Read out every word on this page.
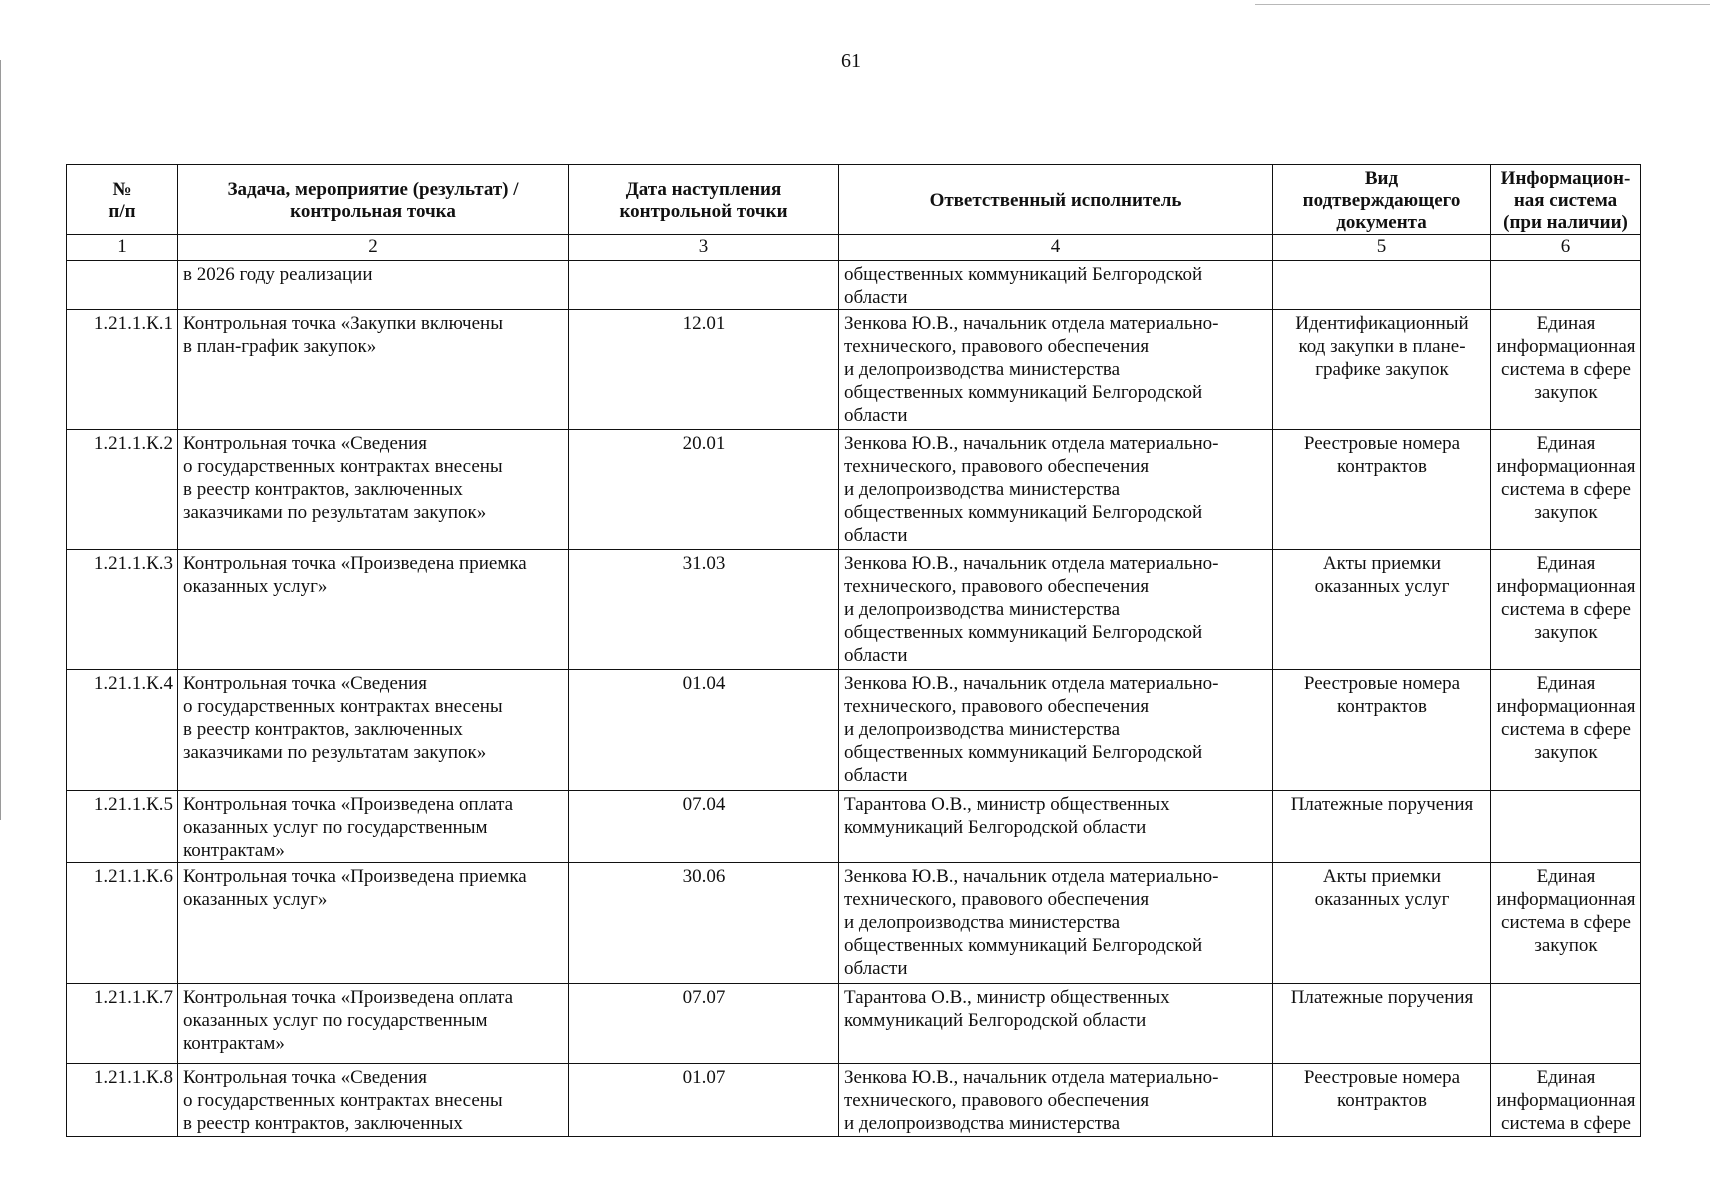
61
№
п/п	Задача, мероприятие (результат) /
контрольная точка	Дата наступления
контрольной точки	Ответственный исполнитель	Вид
подтверждающего
документа	Информацион-
ная система
(при наличии)

1	2	3	4	5	6

	в 2026 году реализации		общественных коммуникаций Белгородской
области		

1.21.1.К.1	Контрольная точка «Закупки включены
в план-график закупок»	12.01	Зенкова Ю.В., начальник отдела материально-
технического, правового обеспечения
и делопроизводства министерства
общественных коммуникаций Белгородской
области	Идентификационный
код закупки в плане-
графике закупок	Единая
информационная
система в сфере
закупок

1.21.1.К.2	Контрольная точка «Сведения
о государственных контрактах внесены
в реестр контрактов, заключенных
заказчиками по результатам закупок»	20.01	Зенкова Ю.В., начальник отдела материально-
технического, правового обеспечения
и делопроизводства министерства
общественных коммуникаций Белгородской
области	Реестровые номера
контрактов	Единая
информационная
система в сфере
закупок

1.21.1.К.3	Контрольная точка «Произведена приемка
оказанных услуг»	31.03	Зенкова Ю.В., начальник отдела материально-
технического, правового обеспечения
и делопроизводства министерства
общественных коммуникаций Белгородской
области	Акты приемки
оказанных услуг	Единая
информационная
система в сфере
закупок

1.21.1.К.4	Контрольная точка «Сведения
о государственных контрактах внесены
в реестр контрактов, заключенных
заказчиками по результатам закупок»	01.04	Зенкова Ю.В., начальник отдела материально-
технического, правового обеспечения
и делопроизводства министерства
общественных коммуникаций Белгородской
области	Реестровые номера
контрактов	Единая
информационная
система в сфере
закупок

1.21.1.К.5	Контрольная точка «Произведена оплата
оказанных услуг по государственным
контрактам»	07.04	Тарантова О.В., министр общественных
коммуникаций Белгородской области	Платежные поручения	

1.21.1.К.6	Контрольная точка «Произведена приемка
оказанных услуг»	30.06	Зенкова Ю.В., начальник отдела материально-
технического, правового обеспечения
и делопроизводства министерства
общественных коммуникаций Белгородской
области	Акты приемки
оказанных услуг	Единая
информационная
система в сфере
закупок

1.21.1.К.7	Контрольная точка «Произведена оплата
оказанных услуг по государственным
контрактам»	07.07	Тарантова О.В., министр общественных
коммуникаций Белгородской области	Платежные поручения	

1.21.1.К.8	Контрольная точка «Сведения
о государственных контрактах внесены
в реестр контрактов, заключенных	01.07	Зенкова Ю.В., начальник отдела материально-
технического, правового обеспечения
и делопроизводства министерства	Реестровые номера
контрактов	Единая
информационная
система в сфере
